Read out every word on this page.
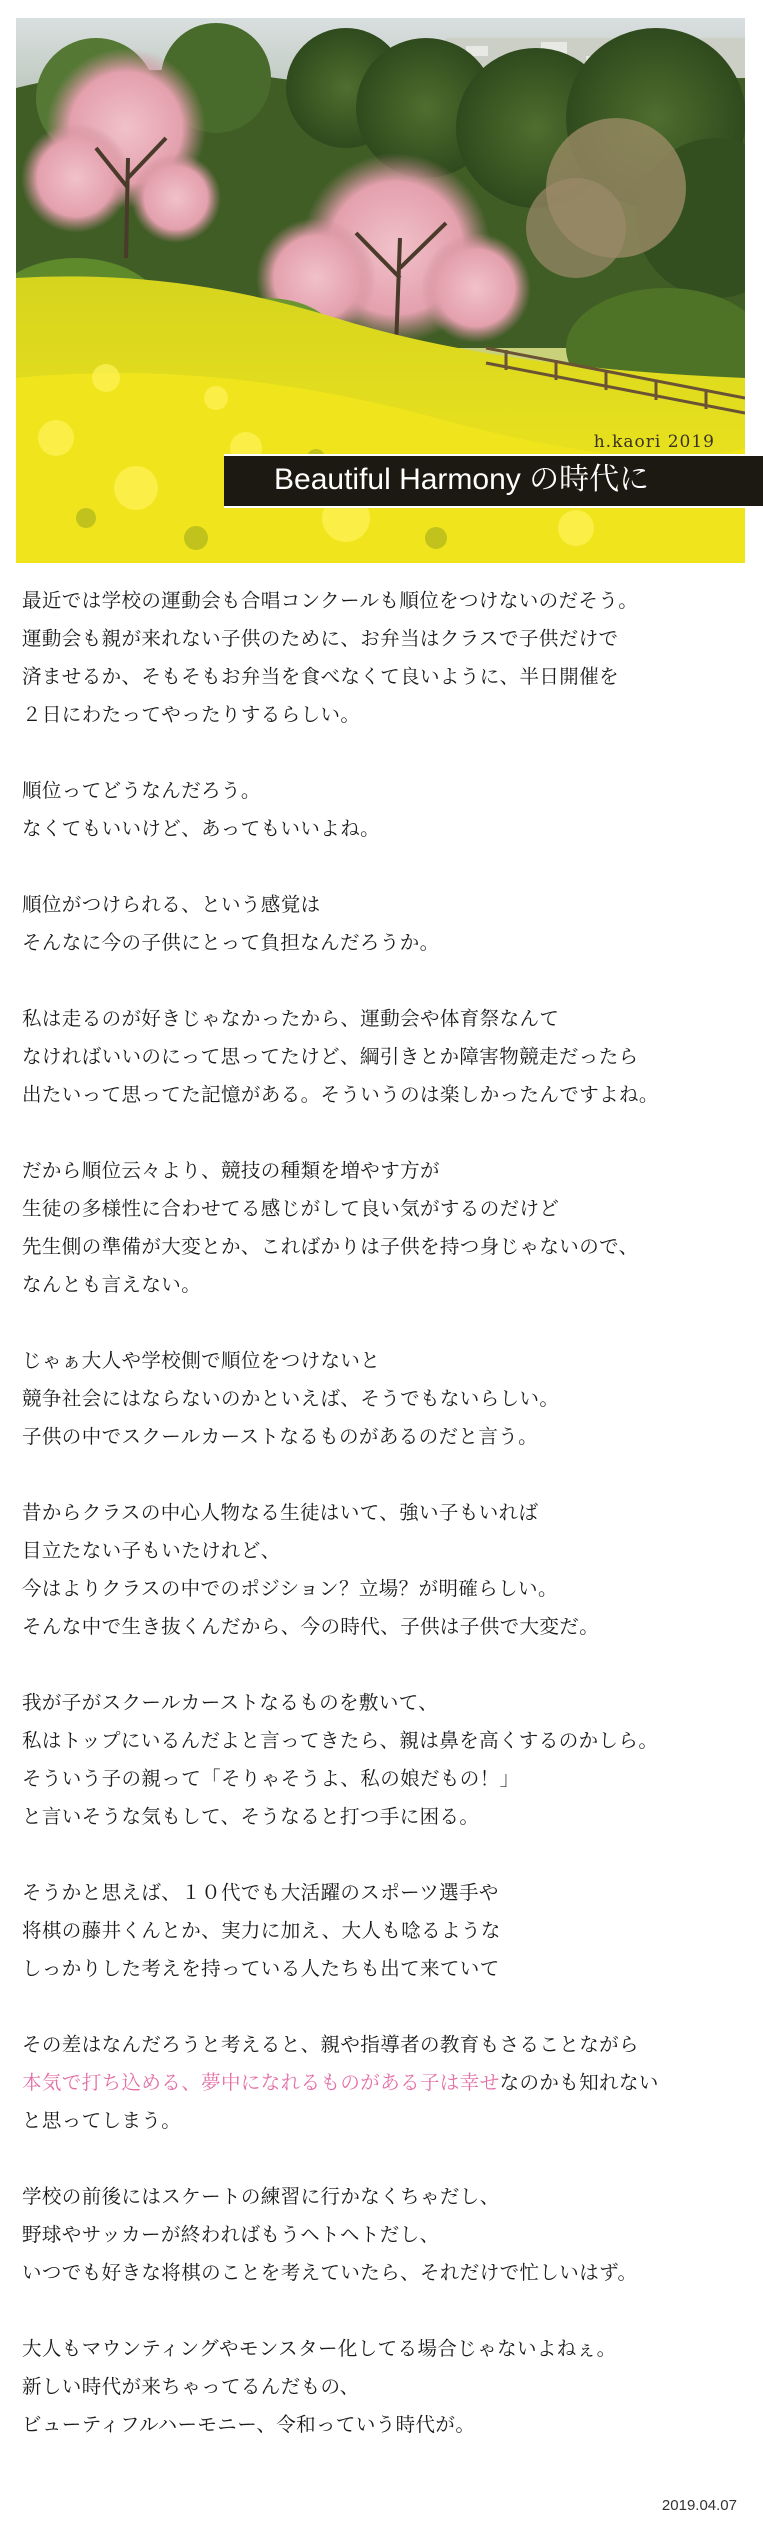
h.kaori 2019
Beautiful Harmony の時代に
最近では学校の運動会も合唱コンクールも順位をつけないのだそう。
運動会も親が来れない子供のために、お弁当はクラスで子供だけで
済ませるか、そもそもお弁当を食べなくて良いように、半日開催を
２日にわたってやったりするらしい。
順位ってどうなんだろう。
なくてもいいけど、あってもいいよね。
順位がつけられる、という感覚は
そんなに今の子供にとって負担なんだろうか。
私は走るのが好きじゃなかったから、運動会や体育祭なんて
なければいいのにって思ってたけど、綱引きとか障害物競走だったら
出たいって思ってた記憶がある。そういうのは楽しかったんですよね。
だから順位云々より、競技の種類を増やす方が
生徒の多様性に合わせてる感じがして良い気がするのだけど
先生側の準備が大変とか、こればかりは子供を持つ身じゃないので、
なんとも言えない。
じゃぁ大人や学校側で順位をつけないと
競争社会にはならないのかといえば、そうでもないらしい。
子供の中でスクールカーストなるものがあるのだと言う。
昔からクラスの中心人物なる生徒はいて、強い子もいれば
目立たない子もいたけれど、
今はよりクラスの中でのポジション？立場？が明確らしい。
そんな中で生き抜くんだから、今の時代、子供は子供で大変だ。
我が子がスクールカーストなるものを敷いて、
私はトップにいるんだよと言ってきたら、親は鼻を高くするのかしら。
そういう子の親って「そりゃそうよ、私の娘だもの！」
と言いそうな気もして、そうなると打つ手に困る。
そうかと思えば、１０代でも大活躍のスポーツ選手や
将棋の藤井くんとか、実力に加え、大人も唸るような
しっかりした考えを持っている人たちも出て来ていて
その差はなんだろうと考えると、親や指導者の教育もさることながら
本気で打ち込める、夢中になれるものがある子は幸せなのかも知れない
と思ってしまう。
学校の前後にはスケートの練習に行かなくちゃだし、
野球やサッカーが終わればもうヘトヘトだし、
いつでも好きな将棋のことを考えていたら、それだけで忙しいはず。
大人もマウンティングやモンスター化してる場合じゃないよねぇ。
新しい時代が来ちゃってるんだもの、
ビューティフルハーモニー、令和っていう時代が。
2019.04.07
